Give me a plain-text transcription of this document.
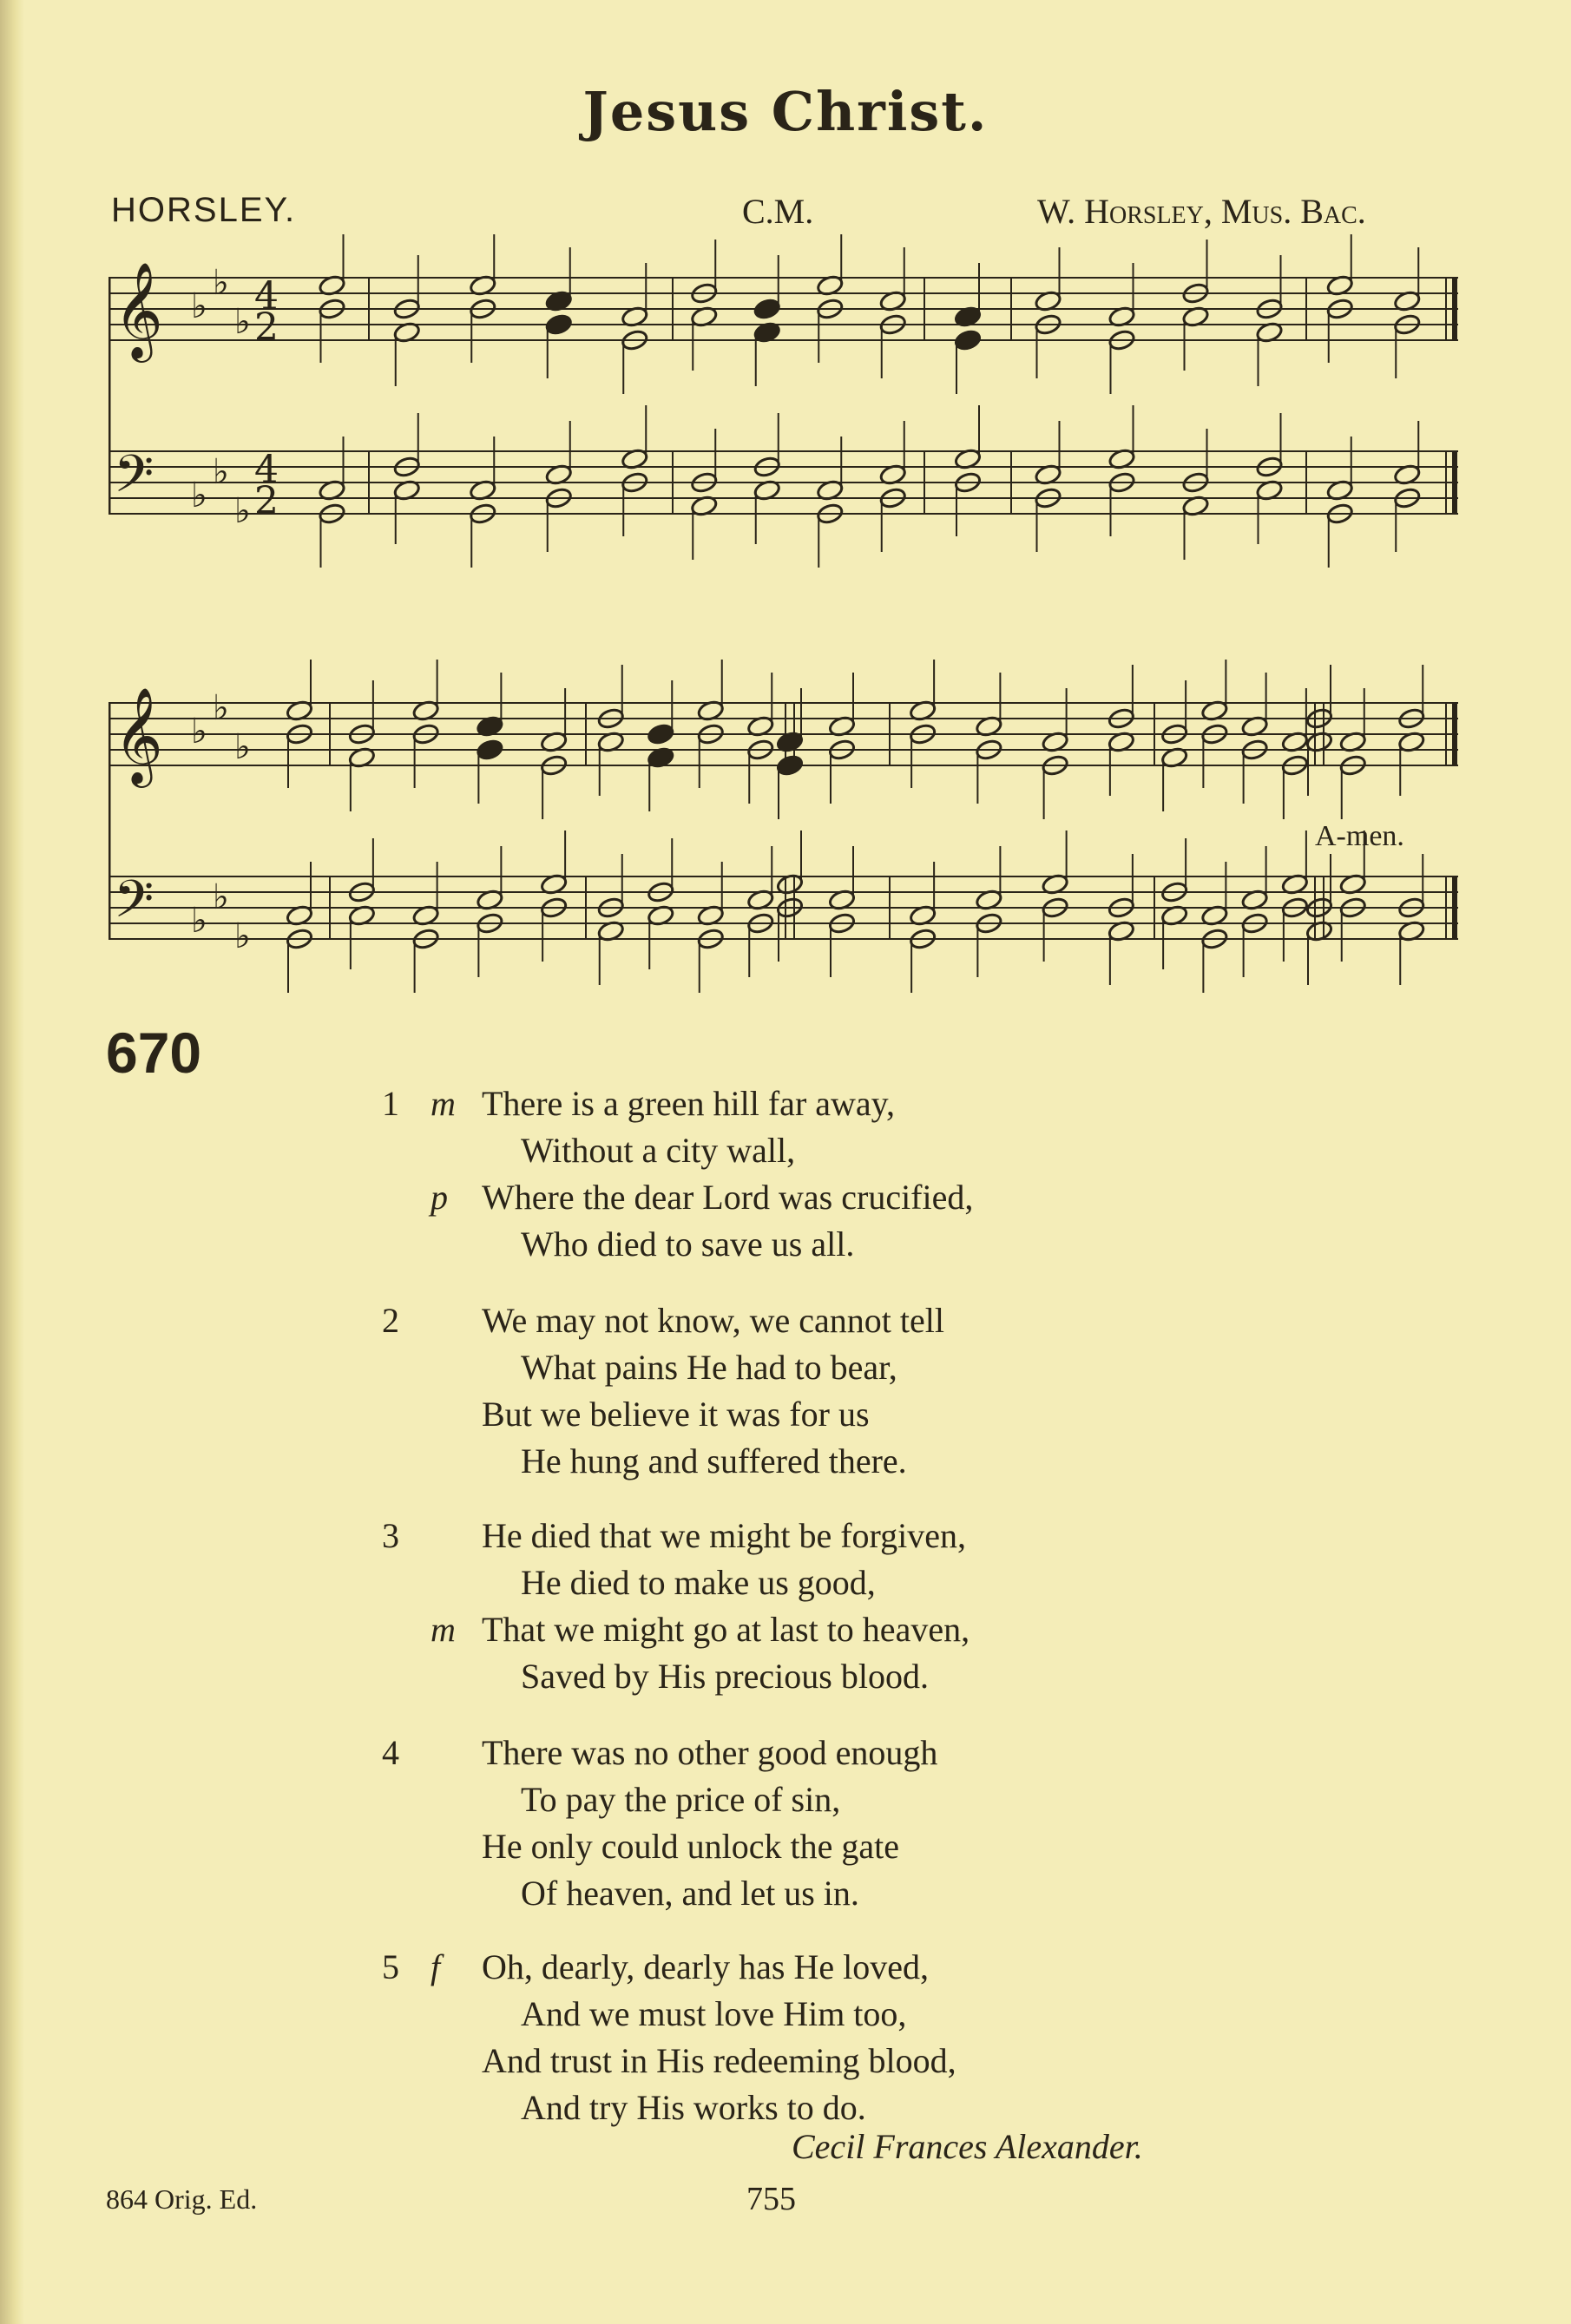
Jesus Christ.
HORSLEY.	C.M.	W. Horsley, Mus. Bac.
𝄞
𝄢
♭
♭
♭
♭
♭
♭
4
2
4
2
𝄞
𝄢
♭
♭
♭
♭
♭
♭
A-men.
670
1 m There is a green hill far away,
Without a city wall,
p Where the dear Lord was crucified,
Who died to save us all.
2 We may not know, we cannot tell
What pains He had to bear,
But we believe it was for us
He hung and suffered there.
3 He died that we might be forgiven,
He died to make us good,
m That we might go at last to heaven,
Saved by His precious blood.
4 There was no other good enough
To pay the price of sin,
He only could unlock the gate
Of heaven, and let us in.
5 f Oh, dearly, dearly has He loved,
And we must love Him too,
And trust in His redeeming blood,
And try His works to do.
Cecil Frances Alexander.
864 Orig. Ed.	755
